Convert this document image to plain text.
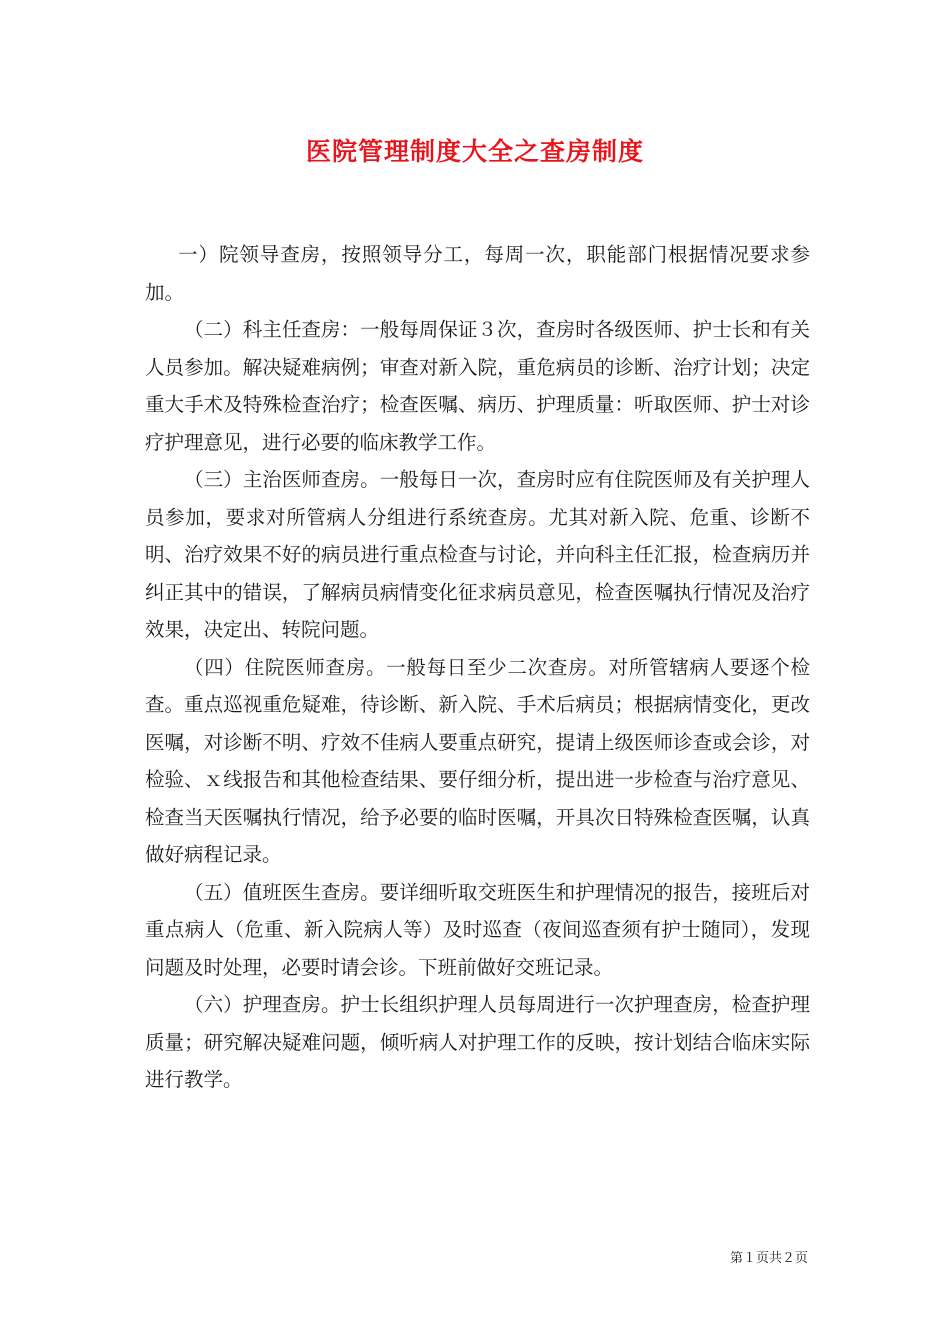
医院管理制度大全之查房制度

一）院领导查房，按照领导分工，每周一次，职能部门根据情况要求参加。

（二）科主任查房：一般每周保证３次，查房时各级医师、护士长和有关人员参加。解决疑难病例；审查对新入院，重危病员的诊断、治疗计划；决定重大手术及特殊检查治疗；检查医嘱、病历、护理质量：听取医师、护士对诊疗护理意见，进行必要的临床教学工作。

（三）主治医师查房。一般每日一次，查房时应有住院医师及有关护理人员参加，要求对所管病人分组进行系统查房。尤其对新入院、危重、诊断不明、治疗效果不好的病员进行重点检查与讨论，并向科主任汇报，检查病历并纠正其中的错误，了解病员病情变化征求病员意见，检查医嘱执行情况及治疗效果，决定出、转院问题。

（四）住院医师查房。一般每日至少二次查房。对所管辖病人要逐个检查。重点巡视重危疑难，待诊断、新入院、手术后病员；根据病情变化，更改医嘱，对诊断不明、疗效不佳病人要重点研究，提请上级医师诊查或会诊，对检验、ｘ线报告和其他检查结果、要仔细分析，提出进一步检查与治疗意见、检查当天医嘱执行情况，给予必要的临时医嘱，开具次日特殊检查医嘱，认真做好病程记录。

（五）值班医生查房。要详细听取交班医生和护理情况的报告，接班后对重点病人（危重、新入院病人等）及时巡查（夜间巡查须有护士随同），发现问题及时处理，必要时请会诊。下班前做好交班记录。

（六）护理查房。护士长组织护理人员每周进行一次护理查房，检查护理质量；研究解决疑难问题，倾听病人对护理工作的反映，按计划结合临床实际进行教学。

第１页共２页
